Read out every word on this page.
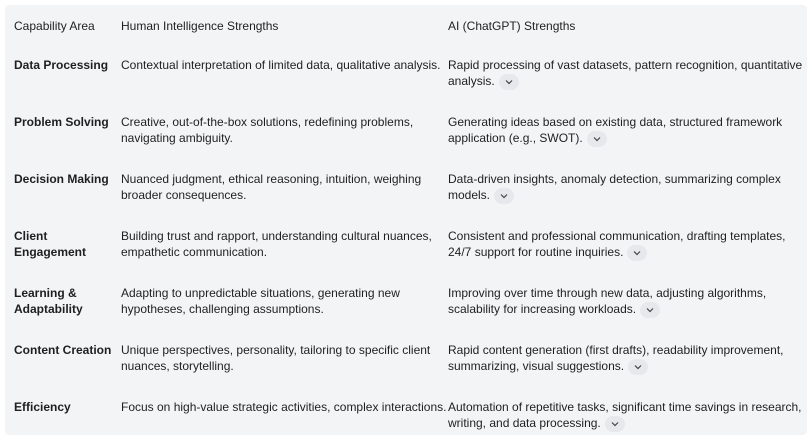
Capability Area	Human Intelligence Strengths	AI (ChatGPT) Strengths
Data Processing	Contextual interpretation of limited data, qualitative analysis.	Rapid processing of vast datasets, pattern recognition, quantitative analysis.

Problem Solving	Creative, out-of-the-box solutions, redefining problems, navigating ambiguity.	Generating ideas based on existing data, structured framework application (e.g., SWOT).

Decision Making	Nuanced judgment, ethical reasoning, intuition, weighing broader consequences.	Data-driven insights, anomaly detection, summarizing complex models.

Client Engagement	Building trust and rapport, understanding cultural nuances, empathetic communication.	Consistent and professional communication, drafting templates, 24/7 support for routine inquiries.

Learning & Adaptability	Adapting to unpredictable situations, generating new hypotheses, challenging assumptions.	Improving over time through new data, adjusting algorithms, scalability for increasing workloads.

Content Creation	Unique perspectives, personality, tailoring to specific client nuances, storytelling.	Rapid content generation (first drafts), readability improvement, summarizing, visual suggestions.

Efficiency	Focus on high-value strategic activities, complex interactions.	Automation of repetitive tasks, significant time savings in research, writing, and data processing.
